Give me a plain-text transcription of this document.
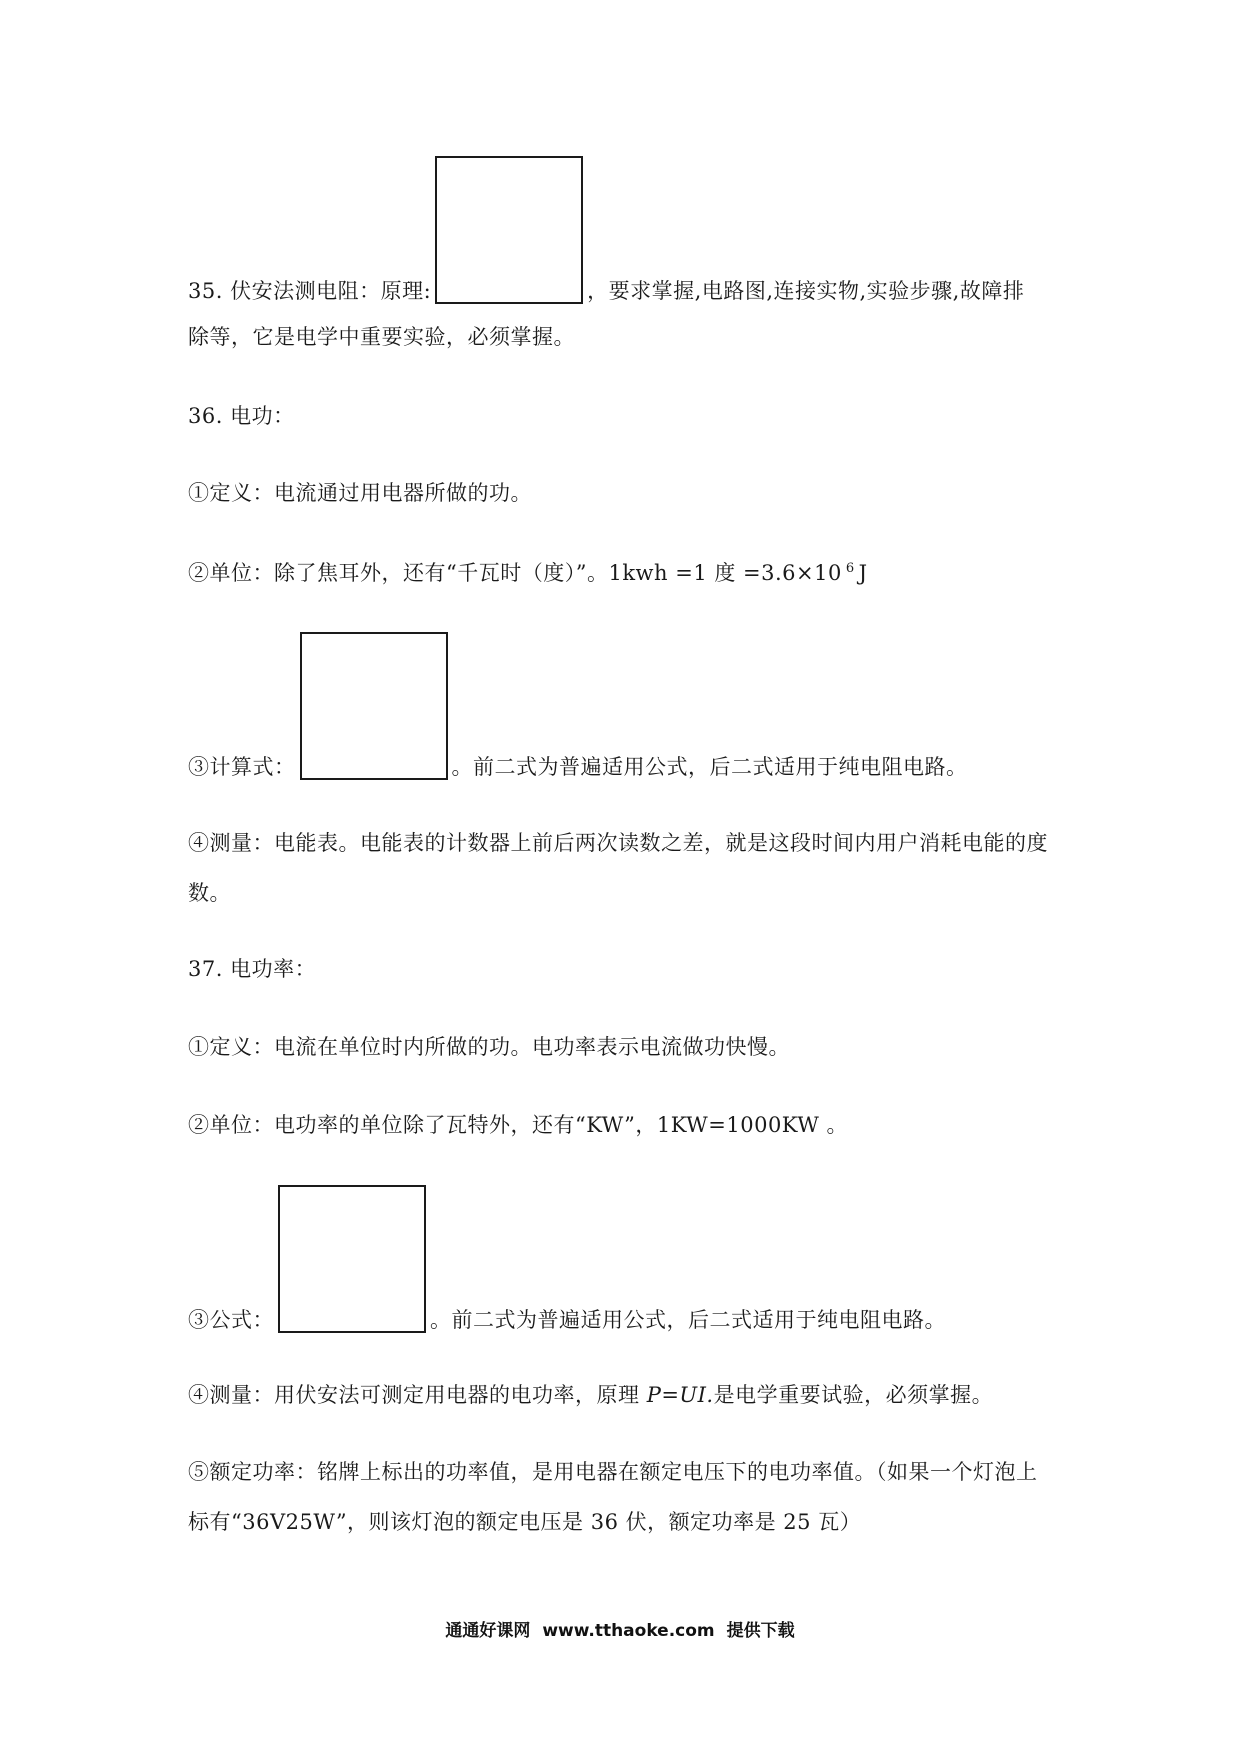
35. 伏安法测电阻：原理:	，要求掌握,电路图,连接实物,实验步骤,故障排
除等，它是电学中重要实验，必须掌握。
36. 电功：
①定义：电流通过用电器所做的功。
②单位：除了焦耳外，还有“千瓦时（度）”。1kwh =1 度 =3.6×10 $^6$ J
③计算式：	。前二式为普遍适用公式，后二式适用于纯电阻电路。
④测量：电能表。电能表的计数器上前后两次读数之差，就是这段时间内用户消耗电能的度
数。
37. 电功率：
①定义：电流在单位时内所做的功。电功率表示电流做功快慢。
②单位：电功率的单位除了瓦特外，还有“KW”，1KW=1000KW 。
③公式：	。前二式为普遍适用公式，后二式适用于纯电阻电路。
④测量：用伏安法可测定用电器的电功率，原理 P=UI.是电学重要试验，必须掌握。
⑤额定功率：铭牌上标出的功率值，是用电器在额定电压下的电功率值。（如果一个灯泡上
标有“36V25W”，则该灯泡的额定电压是 36 伏，额定功率是 25 瓦）
通通好课网 www.tthaoke.com 提供下载
